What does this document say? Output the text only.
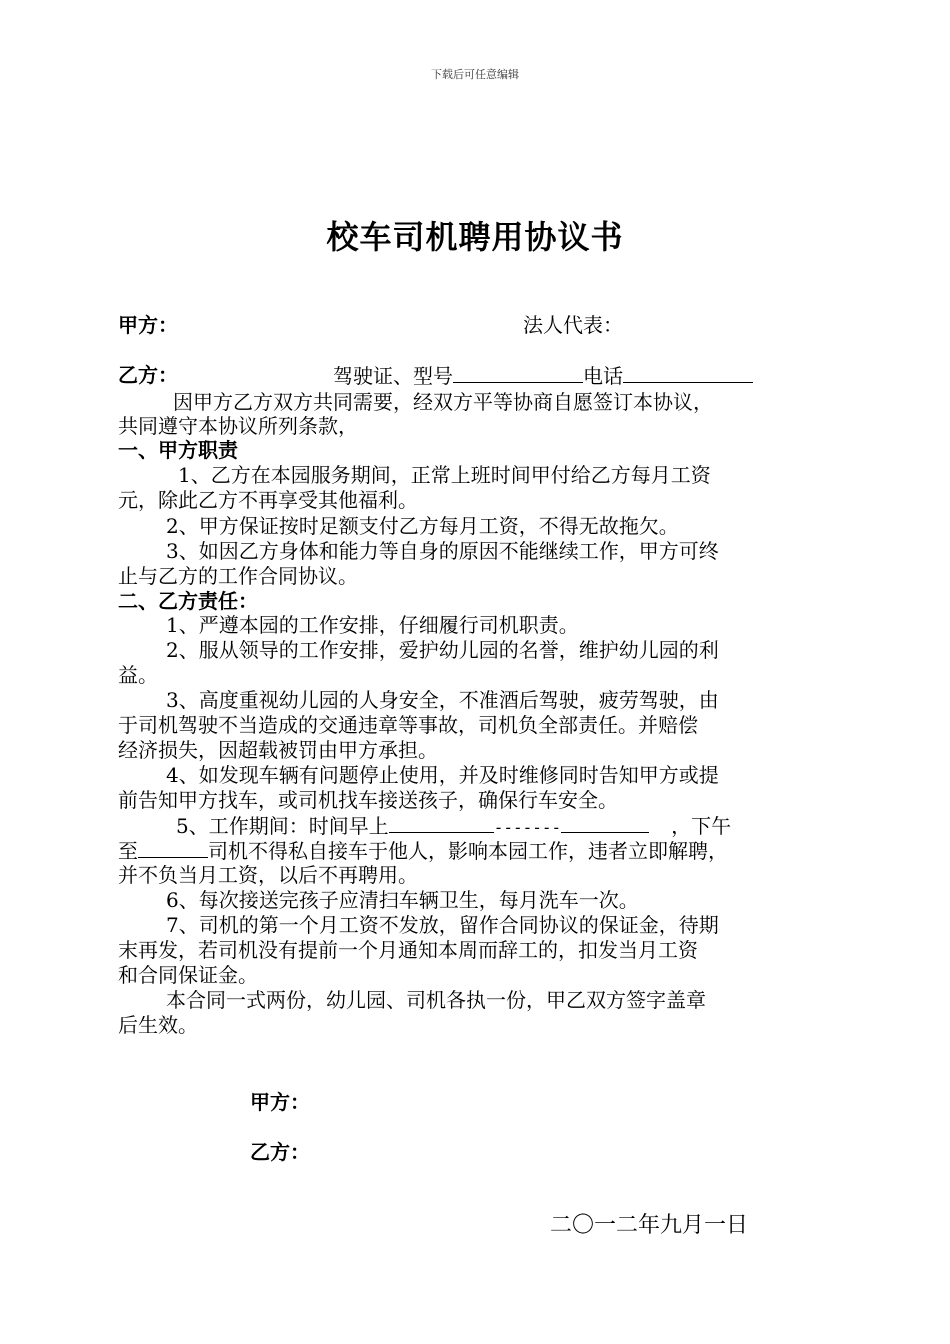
下载后可任意编辑
校车司机聘用协议书
甲方：	法人代表：
乙方：	驾驶证、型号	电话
因甲方乙方双方共同需要，经双方平等协商自愿签订本协议，
共同遵守本协议所列条款，
一、甲方职责
1、乙方在本园服务期间，正常上班时间甲付给乙方每月工资
元，除此乙方不再享受其他福利。
2、甲方保证按时足额支付乙方每月工资，不得无故拖欠。
3、如因乙方身体和能力等自身的原因不能继续工作，甲方可终
止与乙方的工作合同协议。
二、乙方责任：
1、严遵本园的工作安排，仔细履行司机职责。
2、服从领导的工作安排，爱护幼儿园的名誉，维护幼儿园的利
益。
3、高度重视幼儿园的人身安全，不准酒后驾驶，疲劳驾驶，由
于司机驾驶不当造成的交通违章等事故，司机负全部责任。并赔偿
经济损失，因超载被罚由甲方承担。
4、如发现车辆有问题停止使用，并及时维修同时告知甲方或提
前告知甲方找车，或司机找车接送孩子，确保行车安全。
5、工作期间：时间早上	-------	，下午
至	司机不得私自接车于他人，影响本园工作，违者立即解聘，
并不负当月工资，以后不再聘用。
6、每次接送完孩子应清扫车辆卫生，每月洗车一次。
7、司机的第一个月工资不发放，留作合同协议的保证金，待期
末再发，若司机没有提前一个月通知本周而辞工的，扣发当月工资
和合同保证金。
本合同一式两份，幼儿园、司机各执一份，甲乙双方签字盖章
后生效。
甲方：
乙方：
二〇一二年九月一日
